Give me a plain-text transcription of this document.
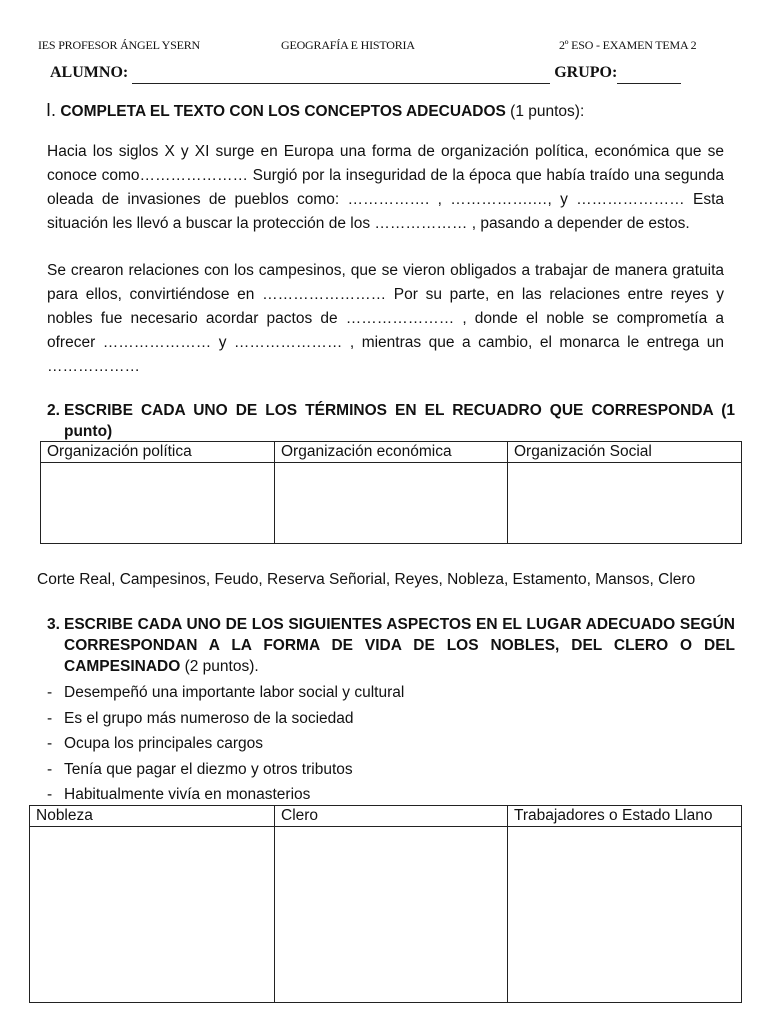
IES PROFESOR ÁNGEL YSERN	GEOGRAFÍA E HISTORIA	2º ESO - EXAMEN TEMA 2
ALUMNO:	GRUPO:
I. COMPLETA EL TEXTO CON LOS CONCEPTOS ADECUADOS (1 puntos):

Hacia los siglos X y XI surge en Europa una forma de organización política, económica que se conoce como………………… Surgió por la inseguridad de la época que había traído una segunda oleada de invasiones de pueblos como: ……………. , …………….…, y ………………… Esta situación les llevó a buscar la protección de los ……………… , pasando a depender de estos.

Se crearon relaciones con los campesinos, que se vieron obligados a trabajar de manera gratuita para ellos, convirtiéndose en …………………… Por su parte, en las relaciones entre reyes y nobles fue necesario acordar pactos de ………………… , donde el noble se comprometía a ofrecer ………………… y ………………… , mientras que a cambio, el monarca le entrega un ………………

2. ESCRIBE CADA UNO DE LOS TÉRMINOS EN EL RECUADRO QUE CORRESPONDA (1 punto)
Organización política	Organización económica	Organización Social

Corte Real, Campesinos, Feudo, Reserva Señorial, Reyes, Nobleza, Estamento, Mansos, Clero
3. ESCRIBE CADA UNO DE LOS SIGUIENTES ASPECTOS EN EL LUGAR ADECUADO SEGÚN CORRESPONDAN A LA FORMA DE VIDA DE LOS NOBLES, DEL CLERO O DEL CAMPESINADO (2 puntos).
- Desempeñó una importante labor social y cultural
- Es el grupo más numeroso de la sociedad
- Ocupa los principales cargos
- Tenía que pagar el diezmo y otros tributos
- Habitualmente vivía en monasterios
Nobleza	Clero	Trabajadores o Estado Llano
